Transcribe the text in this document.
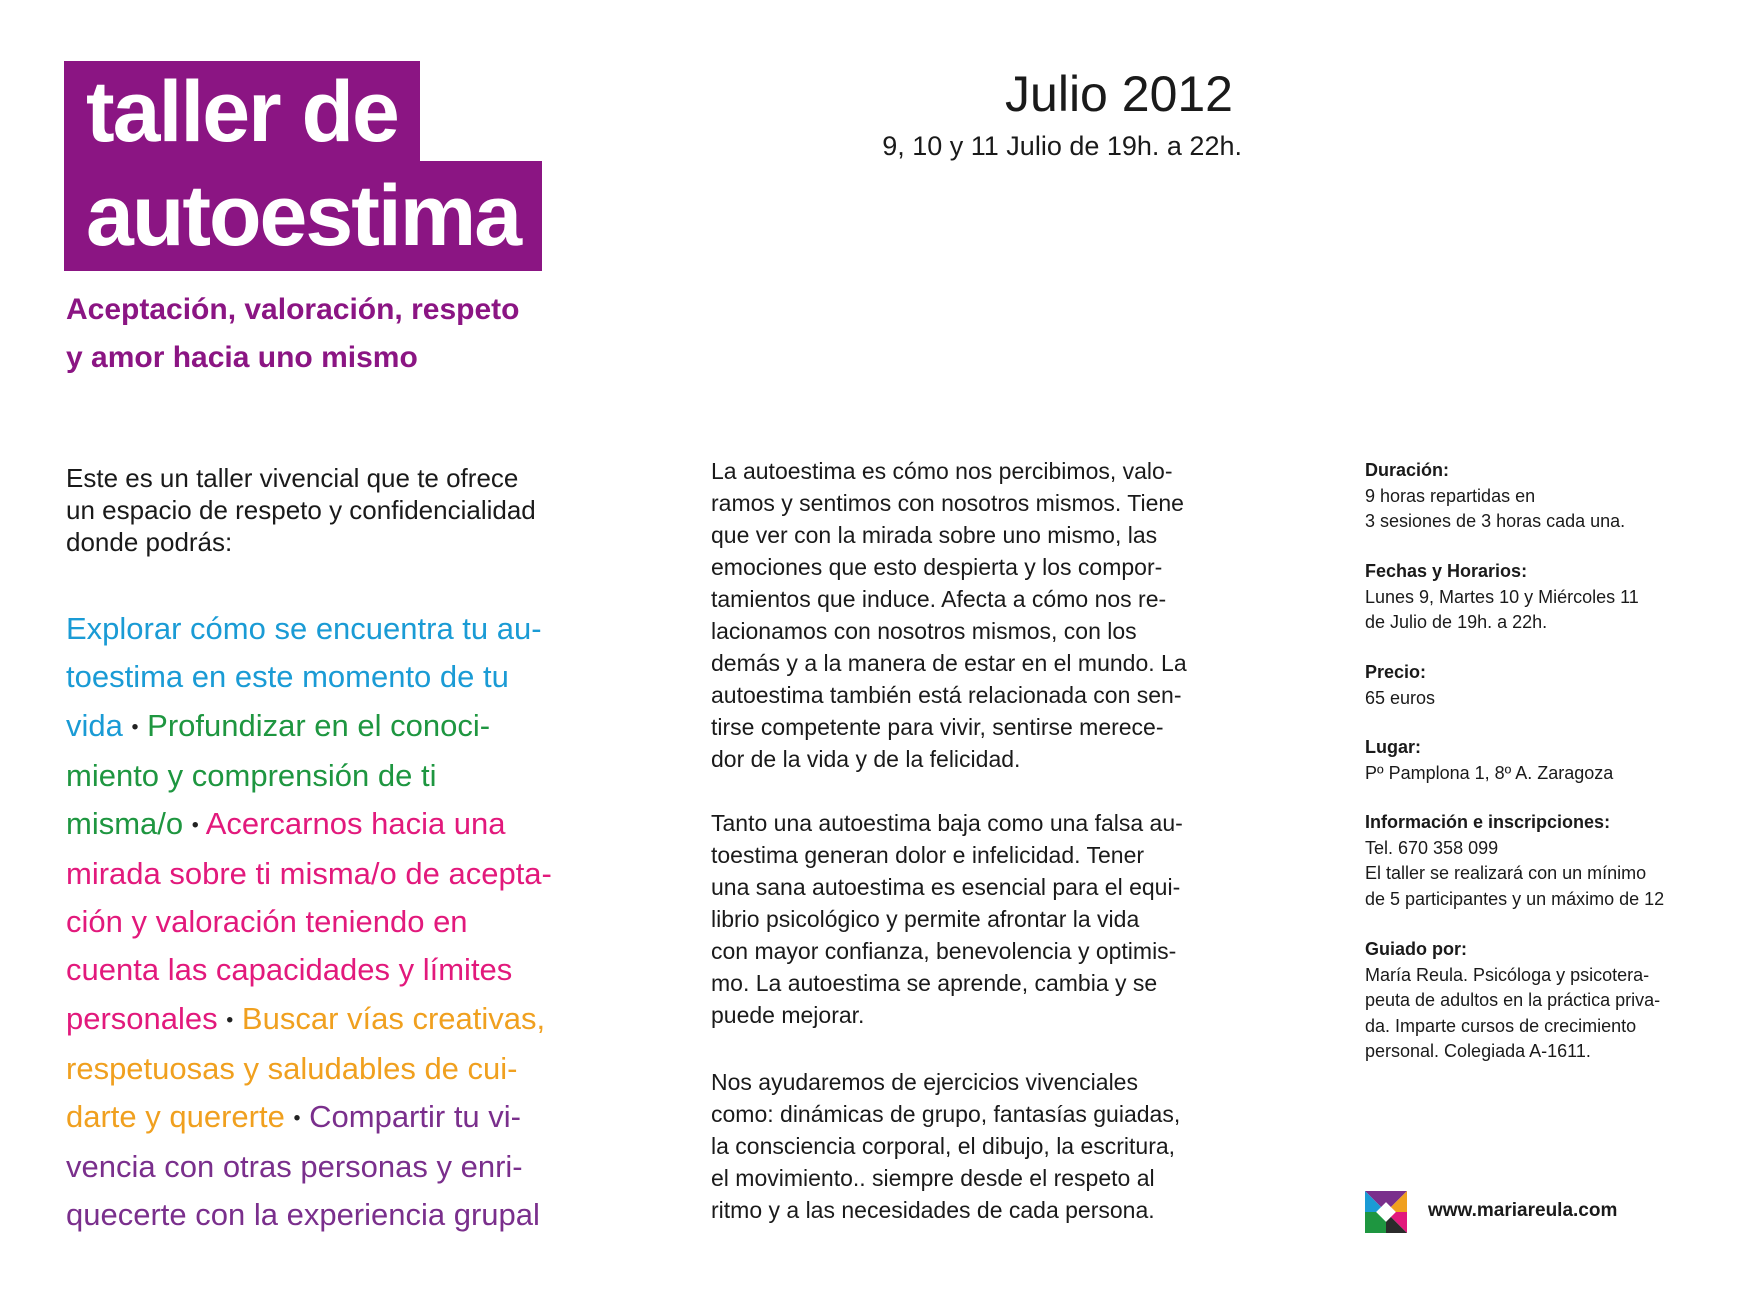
taller de
autoestima
Aceptación, valoración, respeto
y amor hacia uno mismo
Julio 2012
9, 10 y 11 Julio de 19h. a 22h.
Este es un taller vivencial que te ofrece
un espacio de respeto y confidencialidad
donde podrás:
Explorar cómo se encuentra tu au-
toestima en este momento de tu
vida • Profundizar en el conoci-
miento y comprensión de ti
misma/o • Acercarnos hacia una
mirada sobre ti misma/o de acepta-
ción y valoración teniendo en
cuenta las capacidades y límites
personales • Buscar vías creativas,
respetuosas y saludables de cui-
darte y quererte • Compartir tu vi-
vencia con otras personas y enri-
quecerte con la experiencia grupal
La autoestima es cómo nos percibimos, valo-
ramos y sentimos con nosotros mismos. Tiene
que ver con la mirada sobre uno mismo, las
emociones que esto despierta y los compor-
tamientos que induce. Afecta a cómo nos re-
lacionamos con nosotros mismos, con los
demás y a la manera de estar en el mundo. La
autoestima también está relacionada con sen-
tirse competente para vivir, sentirse merece-
dor de la vida y de la felicidad.
Tanto una autoestima baja como una falsa au-
toestima generan dolor e infelicidad. Tener
una sana autoestima es esencial para el equi-
librio psicológico y permite afrontar la vida
con mayor confianza, benevolencia y optimis-
mo. La autoestima se aprende, cambia y se
puede mejorar.
Nos ayudaremos de ejercicios vivenciales
como: dinámicas de grupo, fantasías guiadas,
la consciencia corporal, el dibujo, la escritura,
el movimiento.. siempre desde el respeto al
ritmo y a las necesidades de cada persona.
Duración:
9 horas repartidas en
3 sesiones de 3 horas cada una.
Fechas y Horarios:
Lunes 9, Martes 10 y Miércoles 11
de Julio de 19h. a 22h.
Precio:
65 euros
Lugar:
Pº Pamplona 1, 8º A. Zaragoza
Información e inscripciones:
Tel. 670 358 099
El taller se realizará con un mínimo
de 5 participantes y un máximo de 12
Guiado por:
María Reula. Psicóloga y psicotera-
peuta de adultos en la práctica priva-
da. Imparte cursos de crecimiento
personal. Colegiada A-1611.
www.mariareula.com
